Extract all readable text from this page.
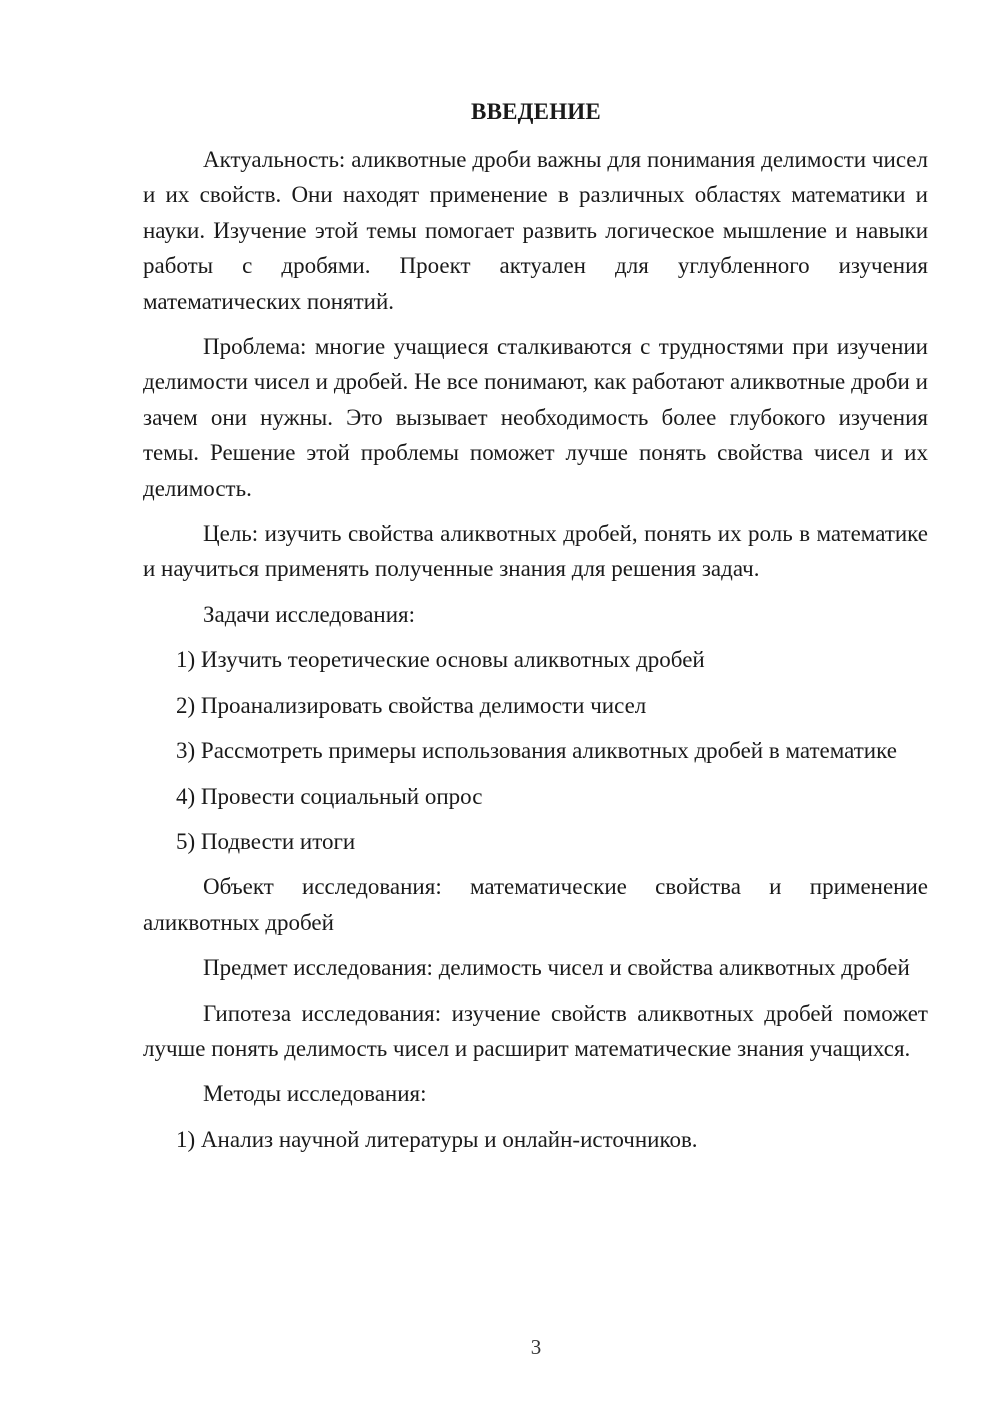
ВВЕДЕНИЕ

Актуальность: аликвотные дроби важны для понимания делимости чисел и их свойств. Они находят применение в различных областях математики и науки. Изучение этой темы помогает развить логическое мышление и навыки работы с дробями. Проект актуален для углубленного изучения математических понятий.

Проблема: многие учащиеся сталкиваются с трудностями при изучении делимости чисел и дробей. Не все понимают, как работают аликвотные дроби и зачем они нужны. Это вызывает необходимость более глубокого изучения темы. Решение этой проблемы поможет лучше понять свойства чисел и их делимость.

Цель: изучить свойства аликвотных дробей, понять их роль в математике и научиться применять полученные знания для решения задач.

Задачи исследования:

1) Изучить теоретические основы аликвотных дробей

2) Проанализировать свойства делимости чисел

3) Рассмотреть примеры использования аликвотных дробей в математике

4) Провести социальный опрос

5) Подвести итоги

Объект исследования: математические свойства и применение аликвотных дробей

Предмет исследования: делимость чисел и свойства аликвотных дробей

Гипотеза исследования: изучение свойств аликвотных дробей поможет лучше понять делимость чисел и расширит математические знания учащихся.

Методы исследования:

1) Анализ научной литературы и онлайн-источников.

3
